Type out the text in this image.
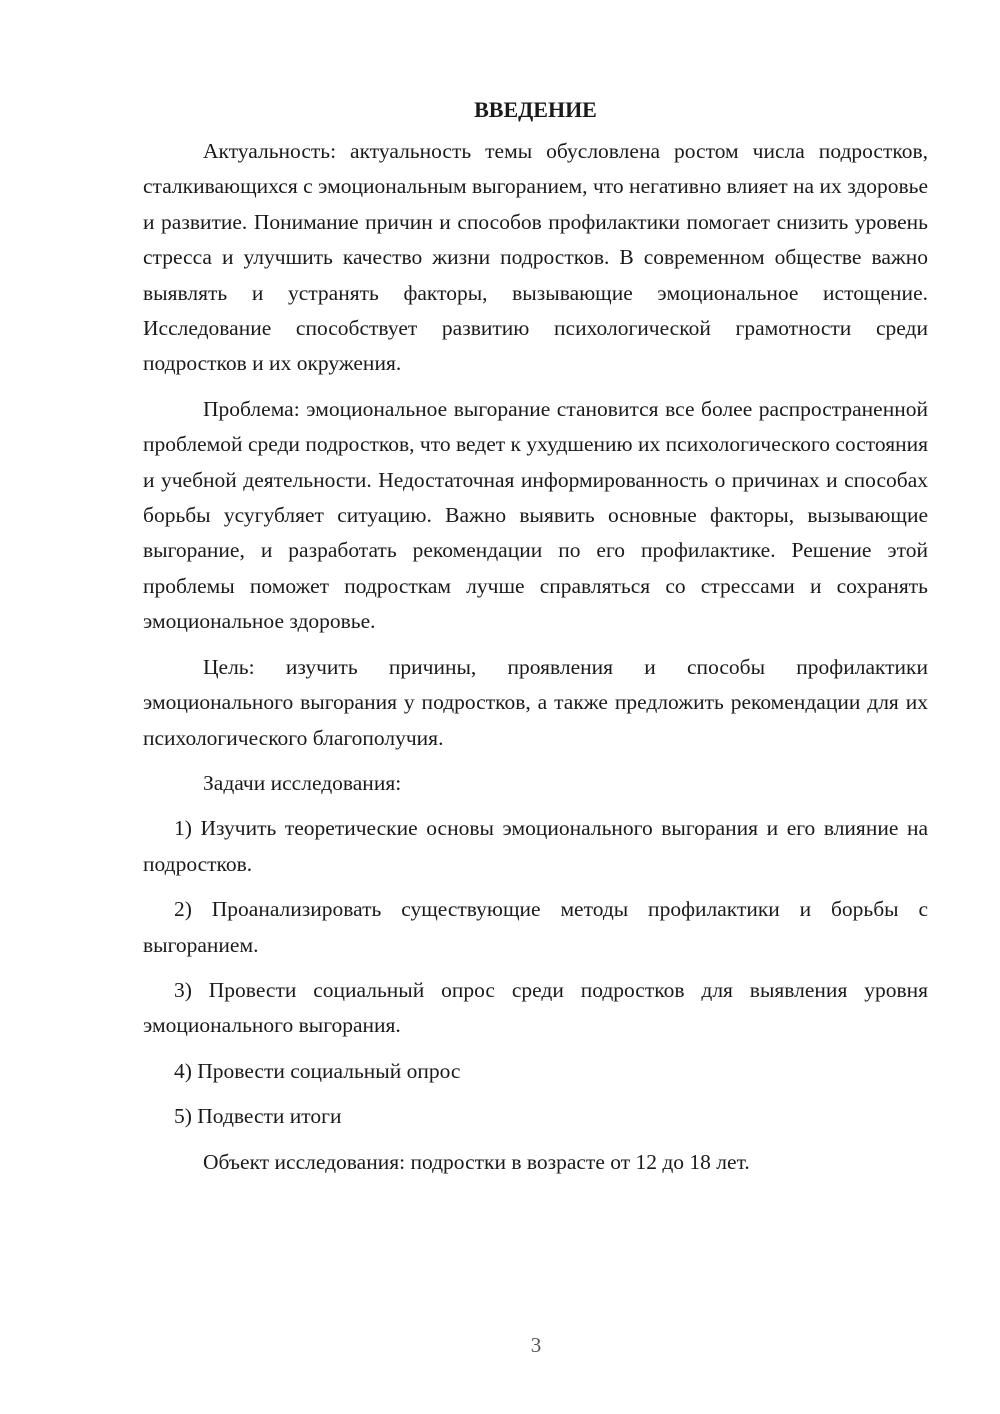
ВВЕДЕНИЕ

Актуальность: актуальность темы обусловлена ростом числа подростков, сталкивающихся с эмоциональным выгоранием, что негативно влияет на их здоровье и развитие. Понимание причин и способов профилактики помогает снизить уровень стресса и улучшить качество жизни подростков. В современном обществе важно выявлять и устранять факторы, вызывающие эмоциональное истощение. Исследование способствует развитию психологической грамотности среди подростков и их окружения.

Проблема: эмоциональное выгорание становится все более распространенной проблемой среди подростков, что ведет к ухудшению их психологического состояния и учебной деятельности. Недостаточная информированность о причинах и способах борьбы усугубляет ситуацию. Важно выявить основные факторы, вызывающие выгорание, и разработать рекомендации по его профилактике. Решение этой проблемы поможет подросткам лучше справляться со стрессами и сохранять эмоциональное здоровье.

Цель: изучить причины, проявления и способы профилактики эмоционального выгорания у подростков, а также предложить рекомендации для их психологического благополучия.

Задачи исследования:

1) Изучить теоретические основы эмоционального выгорания и его влияние на подростков.

2) Проанализировать существующие методы профилактики и борьбы с выгоранием.

3) Провести социальный опрос среди подростков для выявления уровня эмоционального выгорания.

4) Провести социальный опрос

5) Подвести итоги

Объект исследования: подростки в возрасте от 12 до 18 лет.

3
